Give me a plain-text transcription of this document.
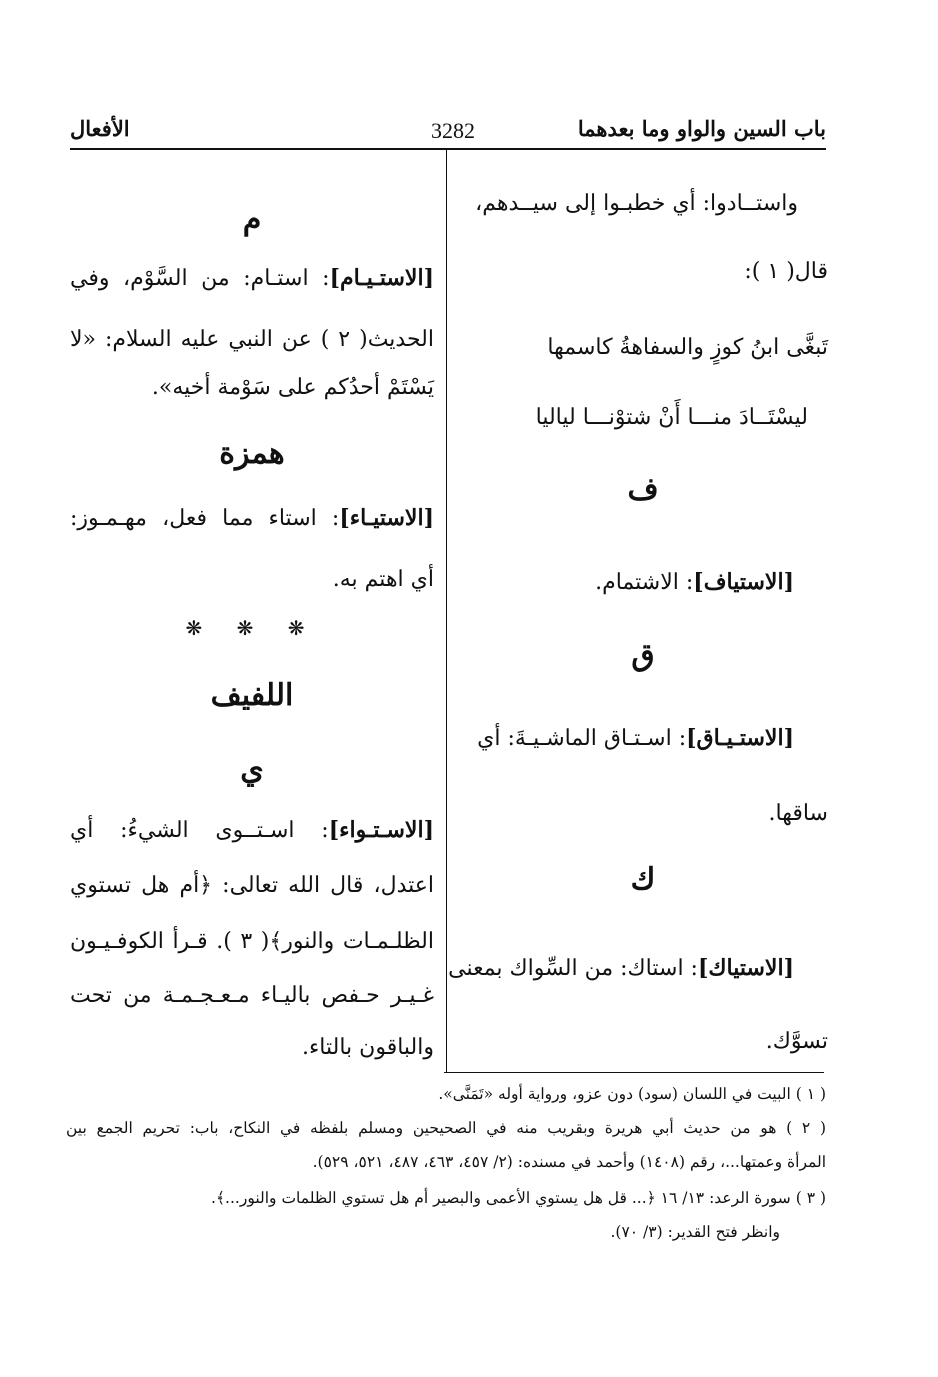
باب السين والواو وما بعدهما
3282
الأفعال
واستــادوا: أي خطبـوا إلى سيــدهم،
قال( ١ ):
تَبغَّى ابنُ كوزٍ والسفاهةُ كاسمها
ليسْتَــادَ منـــا أَنْ شتوْنـــا لياليا
ف
[الاستياف]: الاشتمام.
ق
[الاستـيـاق]: اسـتـاق الماشـيـةَ: أي
ساقها.
ك
[الاستياك]: استاك: من السِّواك بمعنى
تسوَّك.
م
[الاستـيـام]: استـام: من السَّوْم، وفي
الحديث( ٢ ) عن النبي عليه السلام: «لا
يَسْتَمْ أحدُكم على سَوْمة أخيه».
همزة
[الاستيـاء]: استاء مما فعل، مهـمـوز:
أي اهتم به.
❋ ❋ ❋
اللفيف
ي
[الاسـتـواء]: اسـتــوى الشيءُ: أي
اعتدل، قال الله تعالى: ﴿أم هل تستوي
الظلـمـات والنور﴾( ٣ ). قـرأ الكوفـيـون
غـيـر حـفص باليـاء مـعـجـمـة من تحت
والباقون بالتاء.
( ١ ) البيت في اللسان (سود) دون عزو، ورواية أوله «تَمَنَّى».
( ٢ ) هو من حديث أبي هريرة وبقريب منه في الصحيحين ومسلم بلفظه في النكاح، باب: تحريم الجمع بين
المرأة وعمتها...، رقم (١٤٠٨) وأحمد في مسنده: (٢/ ٤٥٧، ٤٦٣، ٤٨٧، ٥٢١، ٥٢٩).
( ٣ ) سورة الرعد: ١٣/ ١٦ ﴿... قل هل يستوي الأعمى والبصير أم هل تستوي الظلمات والنور...﴾.
وانظر فتح القدير: (٣/ ٧٠).
